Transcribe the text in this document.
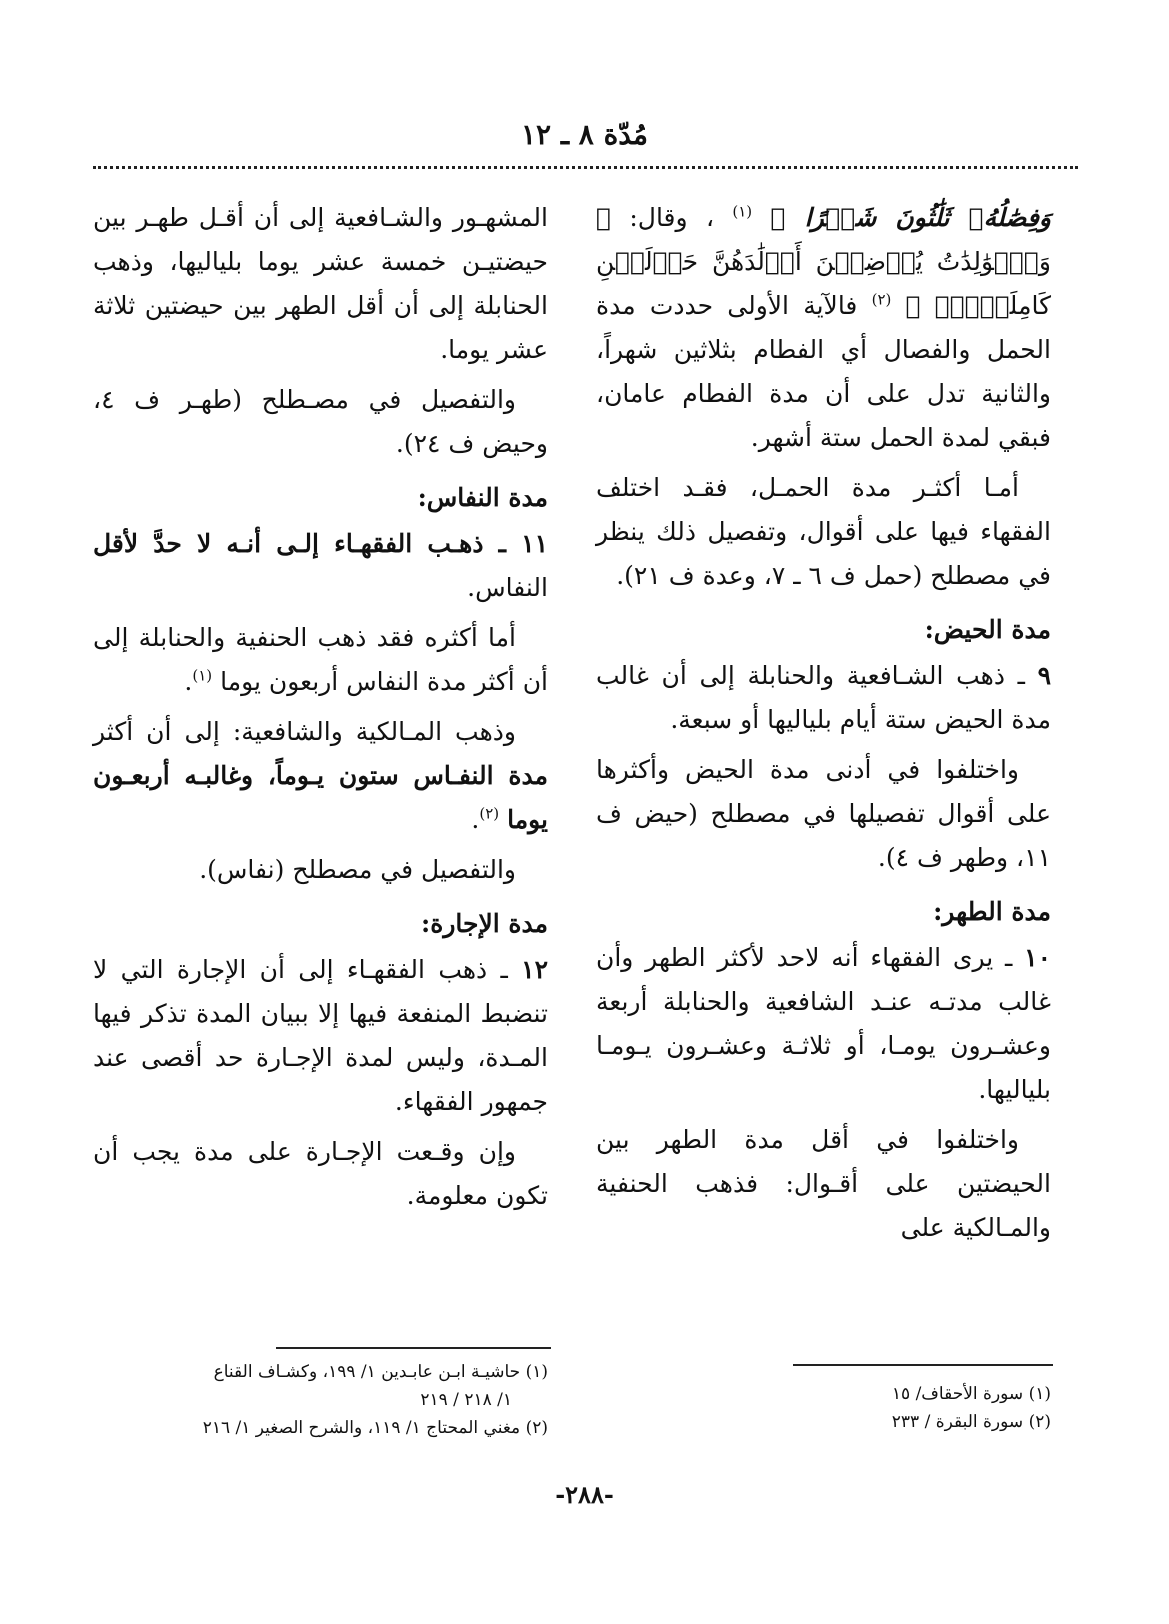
مُدّة ٨ ـ ١٢

وَفِصَٰلُهُۥ ثَلَٰثُونَ شَهۡرًا ﴾ $^{(١)}$ ، وقال: ﴿ وَٱلۡوَٰلِدَٰتُ يُرۡضِعۡنَ أَوۡلَٰدَهُنَّ حَوۡلَيۡنِ كَامِلَيۡنِۖ ﴾ $^{(٢)}$ فالآية الأولى حددت مدة الحمل والفصال أي الفطام بثلاثين شهراً، والثانية تدل على أن مدة الفطام عامان، فبقي لمدة الحمل ستة أشهر.

أمـا أكثـر مدة الحمـل، فقـد اختلف الفقهاء فيها على أقوال، وتفصيل ذلك ينظر في مصطلح (حمل ف ٦ ـ ٧، وعدة ف ٢١).

مدة الحيض:

٩ ـ ذهب الشـافعية والحنابلة إلى أن غالب مدة الحيض ستة أيام بلياليها أو سبعة.

واختلفوا في أدنى مدة الحيض وأكثرها على أقوال تفصيلها في مصطلح (حيض ف ١١، وطهر ف ٤).

مدة الطهر:

١٠ ـ يرى الفقهاء أنه لاحد لأكثر الطهر وأن غالب مدتـه عنـد الشافعية والحنابلة أربعة وعشـرون يومـا، أو ثلاثـة وعشـرون يـومـا بلياليها.

واختلفوا في أقل مدة الطهر بين الحيضتين على أقـوال: فذهب الحنفية والمـالكية على

المشهـور والشـافعية إلى أن أقـل طهـر بين حيضتيـن خمسة عشر يوما بلياليها، وذهب الحنابلة إلى أن أقل الطهر بين حيضتين ثلاثة عشر يوما.

والتفصيل في مصـطلح (طهـر ف ٤، وحيض ف ٢٤).

مدة النفاس:

١١ ـ ذهـب الفقهـاء إلـى أنـه لا حدَّ لأقل النفاس.

أما أكثره فقد ذهب الحنفية والحنابلة إلى أن أكثر مدة النفاس أربعون يوما $^{(١)}$.

وذهب المـالكية والشافعية: إلى أن أكثر مدة النفـاس ستون يـوماً، وغالبـه أربعـون يوما $^{(٢)}$.

والتفصيل في مصطلح (نفاس).

مدة الإجارة:

١٢ ـ ذهب الفقهـاء إلى أن الإجارة التي لا تنضبط المنفعة فيها إلا ببيان المدة تذكر فيها المـدة، وليس لمدة الإجـارة حد أقصى عند جمهور الفقهاء.

وإن وقـعت الإجـارة على مدة يجب أن تكون معلومة.

(١) سورة الأحقاف/ ١٥
(٢) سورة البقرة / ٢٣٣
(١) حاشيـة ابـن عابـدين ١/ ١٩٩، وكشـاف القناع
١/ ٢١٨ / ٢١٩
(٢) مغني المحتاج ١/ ١١٩، والشرح الصغير ١/ ٢١٦
-٢٨٨-
